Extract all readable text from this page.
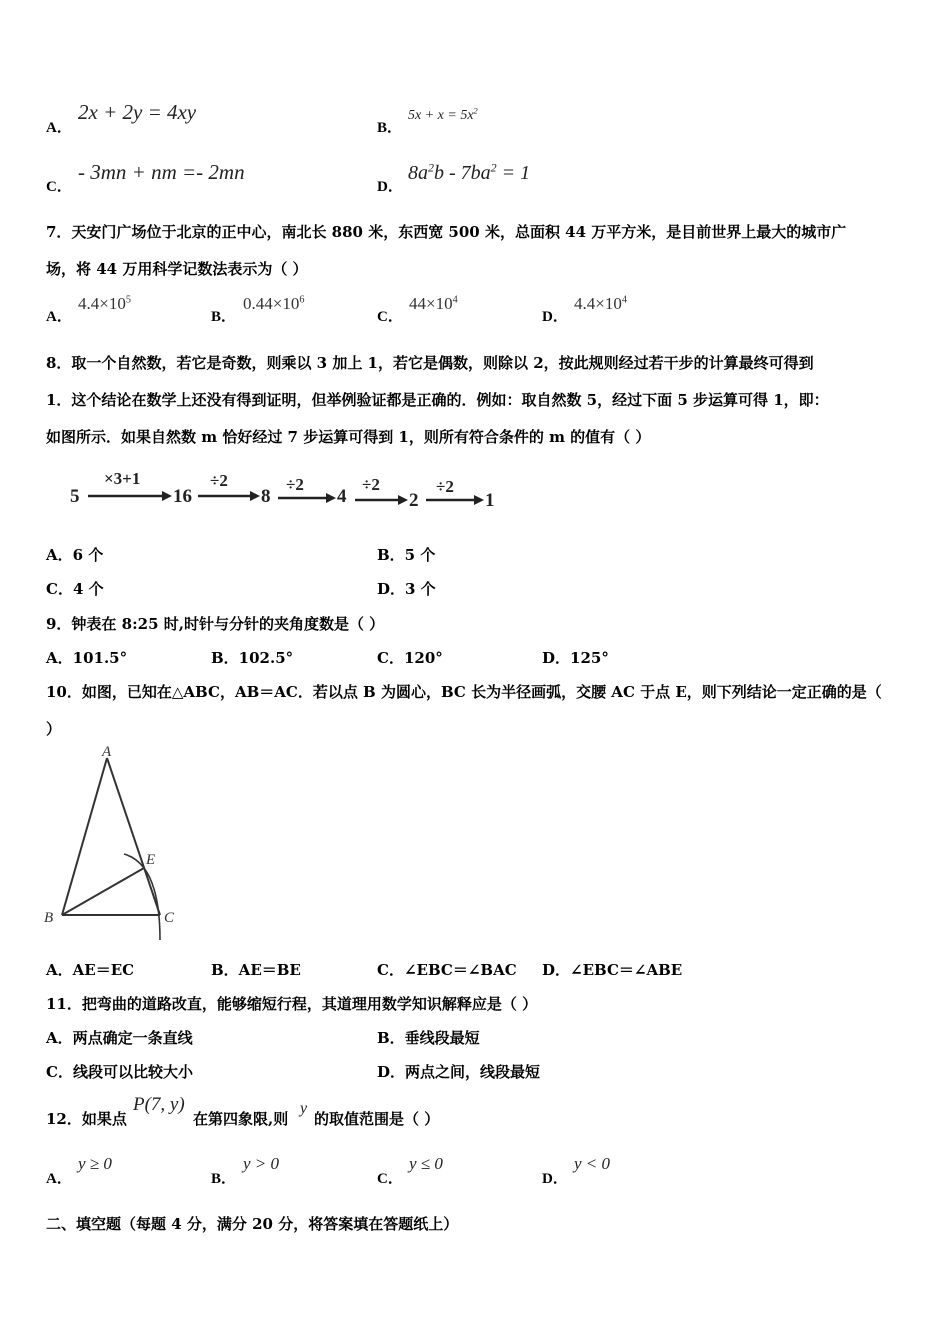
A．
2x + 2y = 4xy
B．
$5x + x = 5x^2$
C．
- 3mn + nm =- 2mn
D．
$8a^2b - 7ba^2 = 1$
7．天安门广场位于北京的正中心，南北长 880 米，东西宽 500 米，总面积 44 万平方米，是目前世界上最大的城市广
场，将 44 万用科学记数法表示为（ ）
A．
$4.4\times 10^5$
B．
$0.44\times 10^6$
C．
$44\times 10^4$
D．
$4.4\times 10^4$
8．取一个自然数，若它是奇数，则乘以 3 加上 1，若它是偶数，则除以 2，按此规则经过若干步的计算最终可得到
1．这个结论在数学上还没有得到证明，但举例验证都是正确的．例如：取自然数 5，经过下面 5 步运算可得 1，即：
如图所示．如果自然数 m 恰好经过 7 步运算可得到 1，则所有符合条件的 m 的值有（ ）
5	16	8	4	2	1
×3+1	÷2	÷2	÷2	÷2
A．6 个	B．5 个
C．4 个	D．3 个
9．钟表在 8:25 时,时针与分针的夹角度数是（ ）
A．101.5°	B．102.5°	C．120°	D．125°
10．如图，已知在△ABC，AB＝AC．若以点 B 为圆心，BC 长为半径画弧，交腰 AC 于点 E，则下列结论一定正确的是（
）
A
B	C
E
A．AE＝EC	B．AE＝BE	C．∠EBC＝∠BAC D．∠EBC＝∠ABE
11．把弯曲的道路改直，能够缩短行程，其道理用数学知识解释应是（ ）
A．两点确定一条直线	B．垂线段最短
C．线段可以比较大小	D．两点之间，线段最短
12．如果点
P(7, y)
在第四象限,则
y
的取值范围是（ ）
A．
y ≥ 0
B．
y > 0
C．
y ≤ 0
D．
y < 0
二、填空题（每题 4 分，满分 20 分，将答案填在答题纸上）
